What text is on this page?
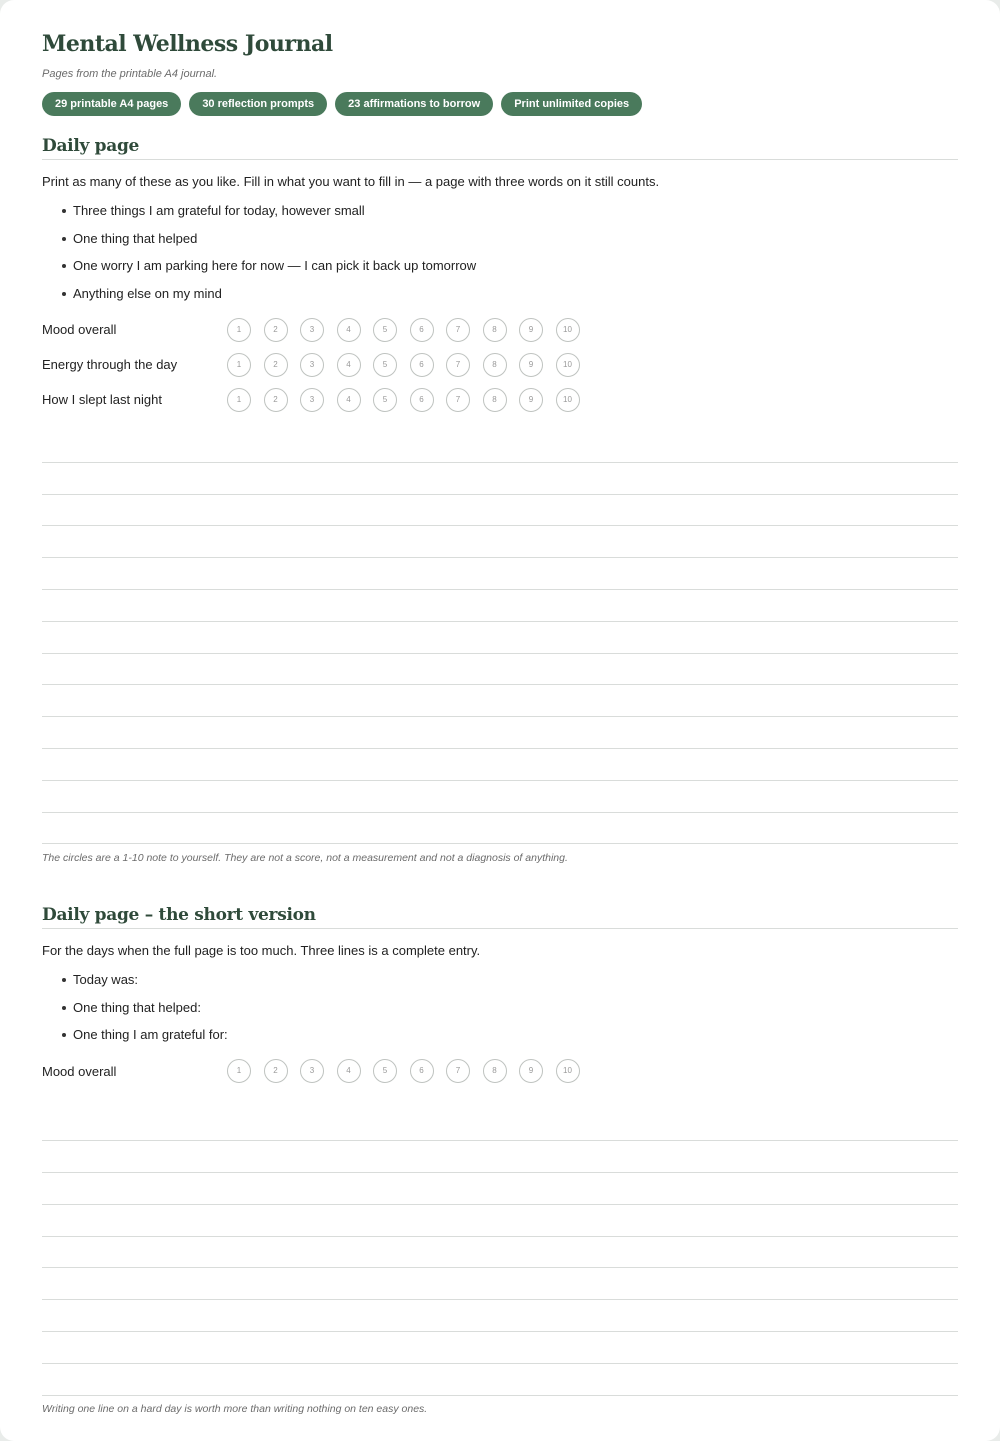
Mental Wellness Journal
Pages from the printable A4 journal.
29 printable A4 pages	30 reflection prompts	23 affirmations to borrow	Print unlimited copies
Daily page
Print as many of these as you like. Fill in what you want to fill in — a page with three words on it still counts.
Three things I am grateful for today, however small
One thing that helped
One worry I am parking here for now — I can pick it back up tomorrow
Anything else on my mind
Mood overall	1	2	3	4	5	6	7	8	9	10
Energy through the day	1	2	3	4	5	6	7	8	9	10
How I slept last night	1	2	3	4	5	6	7	8	9	10
The circles are a 1-10 note to yourself. They are not a score, not a measurement and not a diagnosis of anything.
Daily page – the short version
For the days when the full page is too much. Three lines is a complete entry.
Today was:
One thing that helped:
One thing I am grateful for:
Mood overall	1	2	3	4	5	6	7	8	9	10
Writing one line on a hard day is worth more than writing nothing on ten easy ones.
